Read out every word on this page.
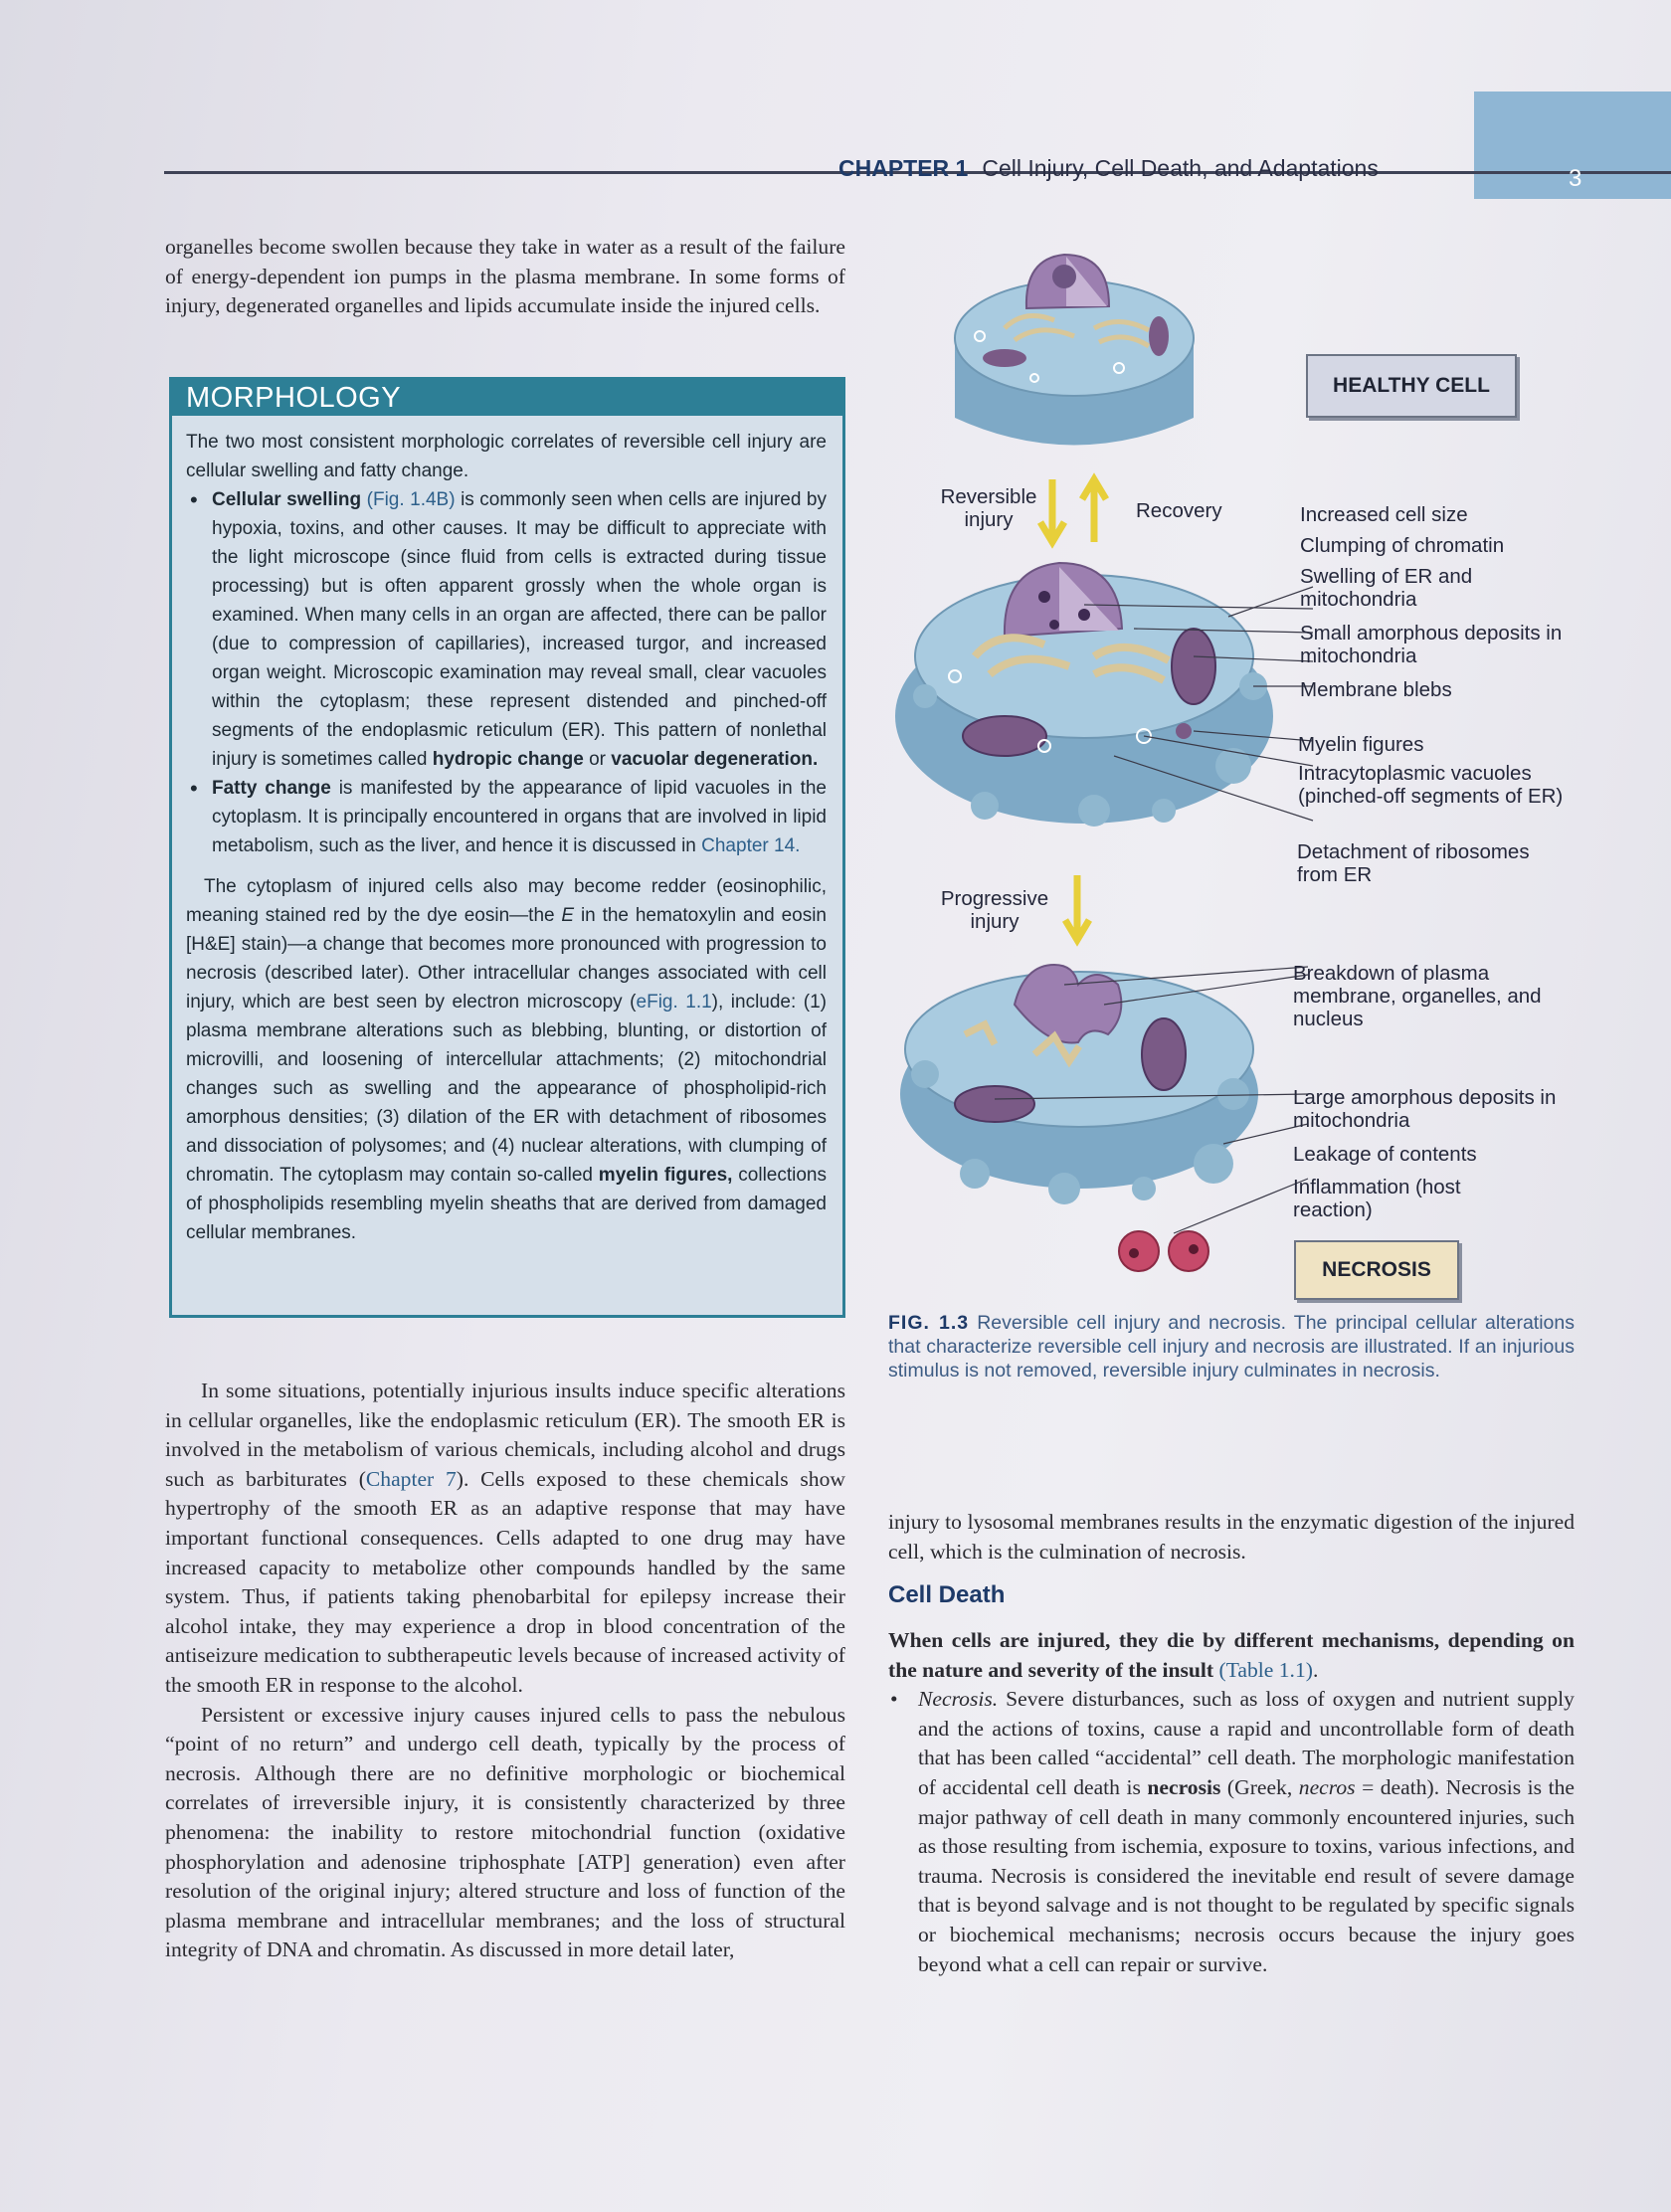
CHAPTER 1 Cell Injury, Cell Death, and Adaptations	3

organelles become swollen because they take in water as a result of the failure of energy-dependent ion pumps in the plasma membrane. In some forms of injury, degenerated organelles and lipids accumulate inside the injured cells.

MORPHOLOGY

The two most consistent morphologic correlates of reversible cell injury are cellular swelling and fatty change.

• Cellular swelling (Fig. 1.4B) is commonly seen when cells are injured by hypoxia, toxins, and other causes. It may be difficult to appreciate with the light microscope (since fluid from cells is extracted during tissue processing) but is often apparent grossly when the whole organ is examined. When many cells in an organ are affected, there can be pallor (due to compression of capillaries), increased turgor, and increased organ weight. Microscopic examination may reveal small, clear vacuoles within the cytoplasm; these represent distended and pinched-off segments of the endoplasmic reticulum (ER). This pattern of nonlethal injury is sometimes called hydropic change or vacuolar degeneration.
• Fatty change is manifested by the appearance of lipid vacuoles in the cytoplasm. It is principally encountered in organs that are involved in lipid metabolism, such as the liver, and hence it is discussed in Chapter 14.

The cytoplasm of injured cells also may become redder (eosinophilic, meaning stained red by the dye eosin—the E in the hematoxylin and eosin [H&E] stain)—a change that becomes more pronounced with progression to necrosis (described later). Other intracellular changes associated with cell injury, which are best seen by electron microscopy (eFig. 1.1), include: (1) plasma membrane alterations such as blebbing, blunting, or distortion of microvilli, and loosening of intercellular attachments; (2) mitochondrial changes such as swelling and the appearance of phospholipid-rich amorphous densities; (3) dilation of the ER with detachment of ribosomes and dissociation of polysomes; and (4) nuclear alterations, with clumping of chromatin. The cytoplasm may contain so-called myelin figures, collections of phospholipids resembling myelin sheaths that are derived from damaged cellular membranes.

In some situations, potentially injurious insults induce specific alterations in cellular organelles, like the endoplasmic reticulum (ER). The smooth ER is involved in the metabolism of various chemicals, including alcohol and drugs such as barbiturates (Chapter 7). Cells exposed to these chemicals show hypertrophy of the smooth ER as an adaptive response that may have important functional consequences. Cells adapted to one drug may have increased capacity to metabolize other compounds handled by the same system. Thus, if patients taking phenobarbital for epilepsy increase their alcohol intake, they may experience a drop in blood concentration of the antiseizure medication to subtherapeutic levels because of increased activity of the smooth ER in response to the alcohol.

Persistent or excessive injury causes injured cells to pass the nebulous “point of no return” and undergo cell death, typically by the process of necrosis. Although there are no definitive morphologic or biochemical correlates of irreversible injury, it is consistently characterized by three phenomena: the inability to restore mitochondrial function (oxidative phosphorylation and adenosine triphosphate [ATP] generation) even after resolution of the original injury; altered structure and loss of function of the plasma membrane and intracellular membranes; and the loss of structural integrity of DNA and chromatin. As discussed in more detail later,

HEALTHY CELL
NECROSIS
Reversible injury	Recovery
Progressive injury
Increased cell size
Clumping of chromatin
Swelling of ER and mitochondria
Small amorphous deposits in mitochondria
Membrane blebs
Myelin figures
Intracytoplasmic vacuoles (pinched-off segments of ER)
Detachment of ribosomes from ER
Breakdown of plasma membrane, organelles, and nucleus
Large amorphous deposits in mitochondria
Leakage of contents
Inflammation (host reaction)
FIG. 1.3 Reversible cell injury and necrosis. The principal cellular alterations that characterize reversible cell injury and necrosis are illustrated. If an injurious stimulus is not removed, reversible injury culminates in necrosis.

injury to lysosomal membranes results in the enzymatic digestion of the injured cell, which is the culmination of necrosis.

Cell Death

When cells are injured, they die by different mechanisms, depending on the nature and severity of the insult (Table 1.1).

• Necrosis. Severe disturbances, such as loss of oxygen and nutrient supply and the actions of toxins, cause a rapid and uncontrollable form of death that has been called “accidental” cell death. The morphologic manifestation of accidental cell death is necrosis (Greek, necros = death). Necrosis is the major pathway of cell death in many commonly encountered injuries, such as those resulting from ischemia, exposure to toxins, various infections, and trauma. Necrosis is considered the inevitable end result of severe damage that is beyond salvage and is not thought to be regulated by specific signals or biochemical mechanisms; necrosis occurs because the injury goes beyond what a cell can repair or survive.
